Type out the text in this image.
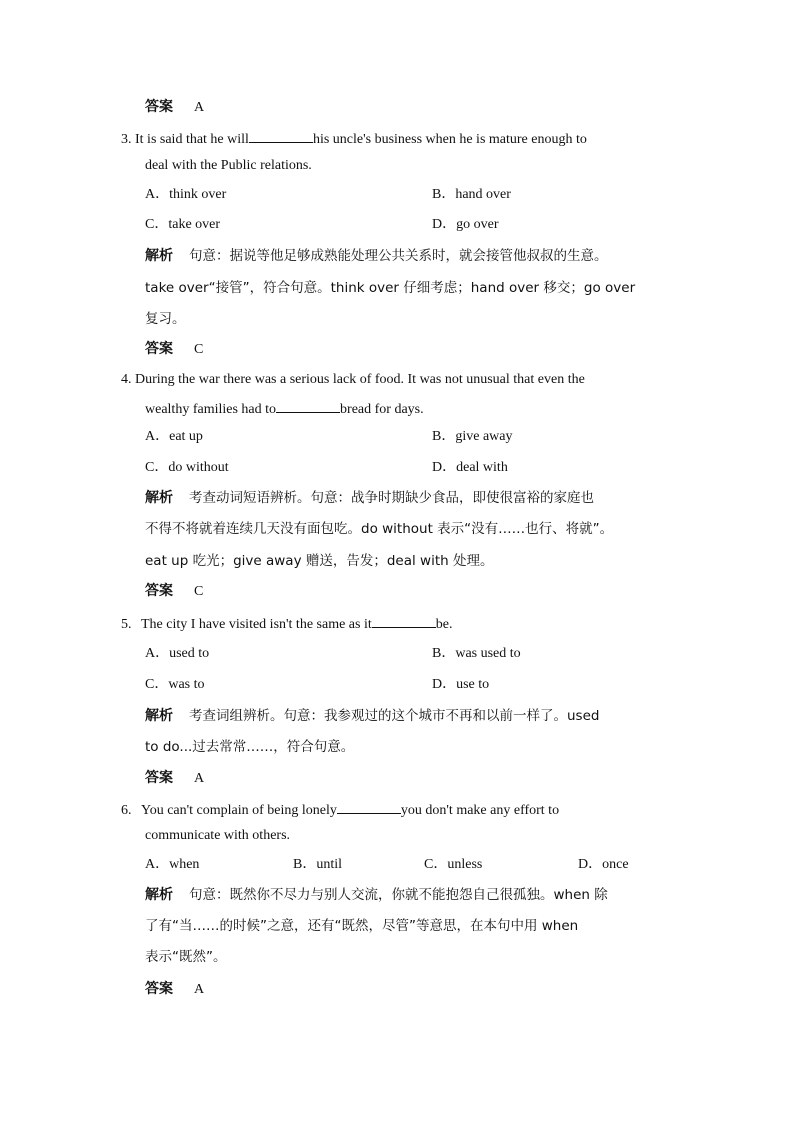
答案 A
3. It is said that he will	his uncle's business when he is mature enough to
deal with the Public relations.
A．think over	B．hand over
C．take over	D．go over
解析 句意：据说等他足够成熟能处理公共关系时，就会接管他叔叔的生意。
take over“接管”，符合句意。think over 仔细考虑；hand over 移交；go over
复习。
答案 C
4. During the war there was a serious lack of food. It was not unusual that even the
wealthy families had to	bread for days.
A．eat up	B．give away
C．do without	D．deal with
解析 考查动词短语辨析。句意：战争时期缺少食品，即使很富裕的家庭也
不得不将就着连续几天没有面包吃。do without 表示“没有……也行、将就”。
eat up 吃光；give away 赠送，告发；deal with 处理。
答案 C
5. The city I have visited isn't the same as it	be.
A．used to	B．was used to
C．was to	D．use to
解析 考查词组辨析。句意：我参观过的这个城市不再和以前一样了。used
to do...过去常常……，符合句意。
答案 A
6. You can't complain of being lonely	you don't make any effort to
communicate with others.
A．when	B．until	C．unless	D．once
解析 句意：既然你不尽力与别人交流，你就不能抱怨自己很孤独。when 除
了有“当……的时候”之意，还有“既然，尽管”等意思，在本句中用 when
表示“既然”。
答案 A
